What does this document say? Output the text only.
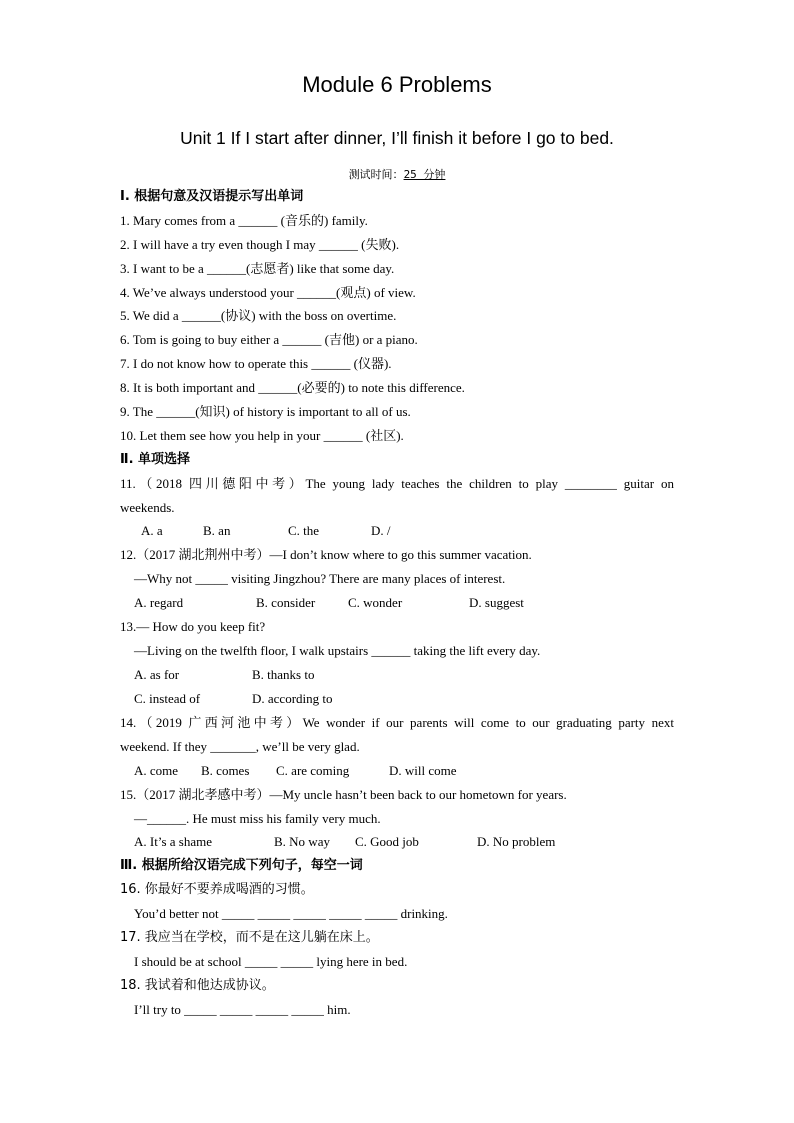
Module 6 Problems
Unit 1 If I start after dinner, I’ll finish it before I go to bed.
测试时间：25 分钟
Ⅰ. 根据句意及汉语提示写出单词
1. Mary comes from a ______ (音乐的) family.
2. I will have a try even though I may ______ (失败).
3. I want to be a ______(志愿者) like that some day.
4. We’ve always understood your ______(观点) of view.
5. We did a ______(协议) with the boss on overtime.
6. Tom is going to buy either a ______ (吉他) or a piano.
7. I do not know how to operate this ______ (仪器).
8. It is both important and ______(必要的) to note this difference.
9. The ______(知识) of history is important to all of us.
10. Let them see how you help in your ______ (社区).
Ⅱ. 单项选择
11.（2018 四川德阳中考）The young lady teaches the children to play ________ guitar on
weekends.
A. a	B. an	C. the	D. /
12.（2017 湖北荆州中考）—I don’t know where to go this summer vacation.
—Why not _____ visiting Jingzhou? There are many places of interest.
A. regard	B. consider	C. wonder	D. suggest
13.— How do you keep fit?
—Living on the twelfth floor, I walk upstairs ______ taking the lift every day.
A. as for	B. thanks to
C. instead of	D. according to
14.（2019 广西河池中考）We wonder if our parents will come to our graduating party next
weekend. If they _______, we’ll be very glad.
A. come B. comes C. are coming	D. will come
15.（2017 湖北孝感中考）—My uncle hasn’t been back to our hometown for years.
—______. He must miss his family very much.
A. It’s a shame	B. No way C. Good job	D. No problem
Ⅲ. 根据所给汉语完成下列句子，每空一词
16. 你最好不要养成喝酒的习惯。
You’d better not _____ _____ _____ _____ _____ drinking.
17. 我应当在学校，而不是在这儿躺在床上。
I should be at school _____ _____ lying here in bed.
18. 我试着和他达成协议。
I’ll try to _____ _____ _____ _____ him.
